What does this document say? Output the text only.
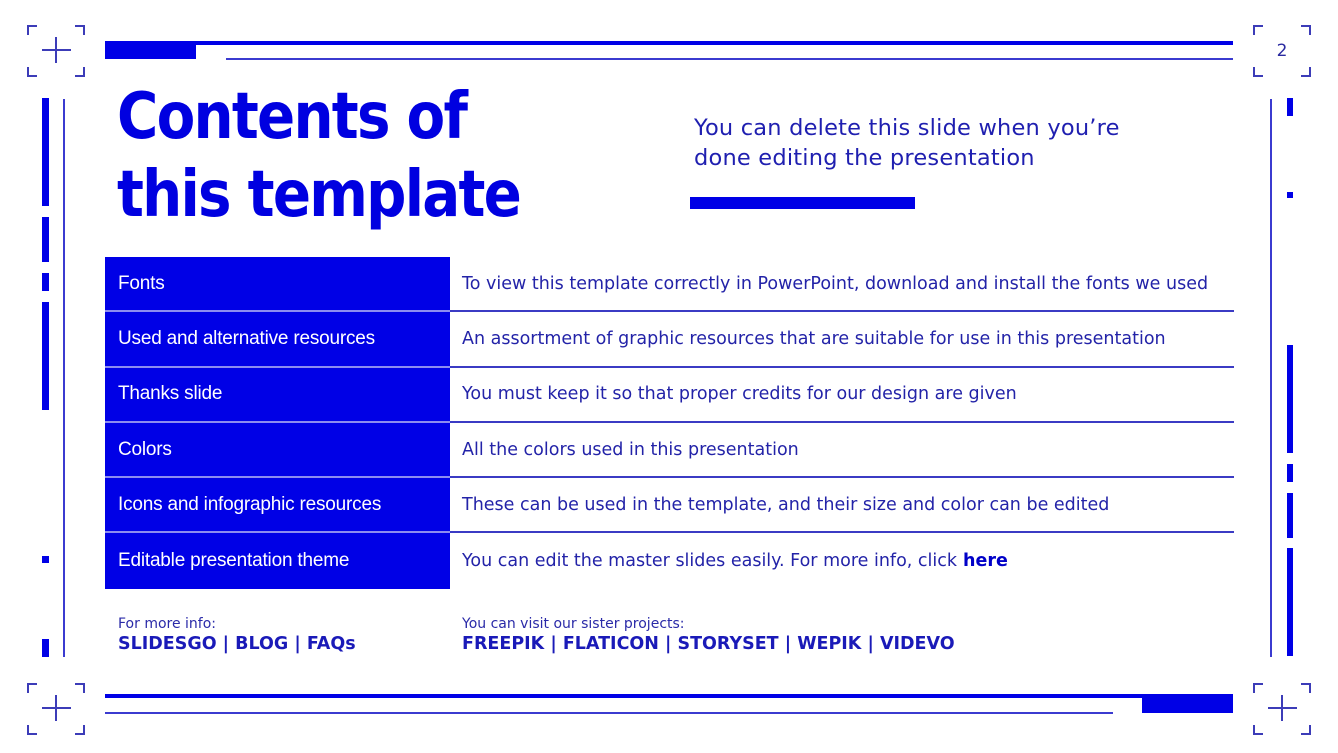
2
Contents of
this template
You can delete this slide when you’re done editing the presentation
Fonts	To view this template correctly in PowerPoint, download and install the fonts we used
Used and alternative resources	An assortment of graphic resources that are suitable for use in this presentation
Thanks slide	You must keep it so that proper credits for our design are given
Colors	All the colors used in this presentation
Icons and infographic resources	These can be used in the template, and their size and color can be edited
Editable presentation theme	You can edit the master slides easily. For more info, click here
For more info:
SLIDESGO | BLOG | FAQs
You can visit our sister projects:
FREEPIK | FLATICON | STORYSET | WEPIK | VIDEVO
